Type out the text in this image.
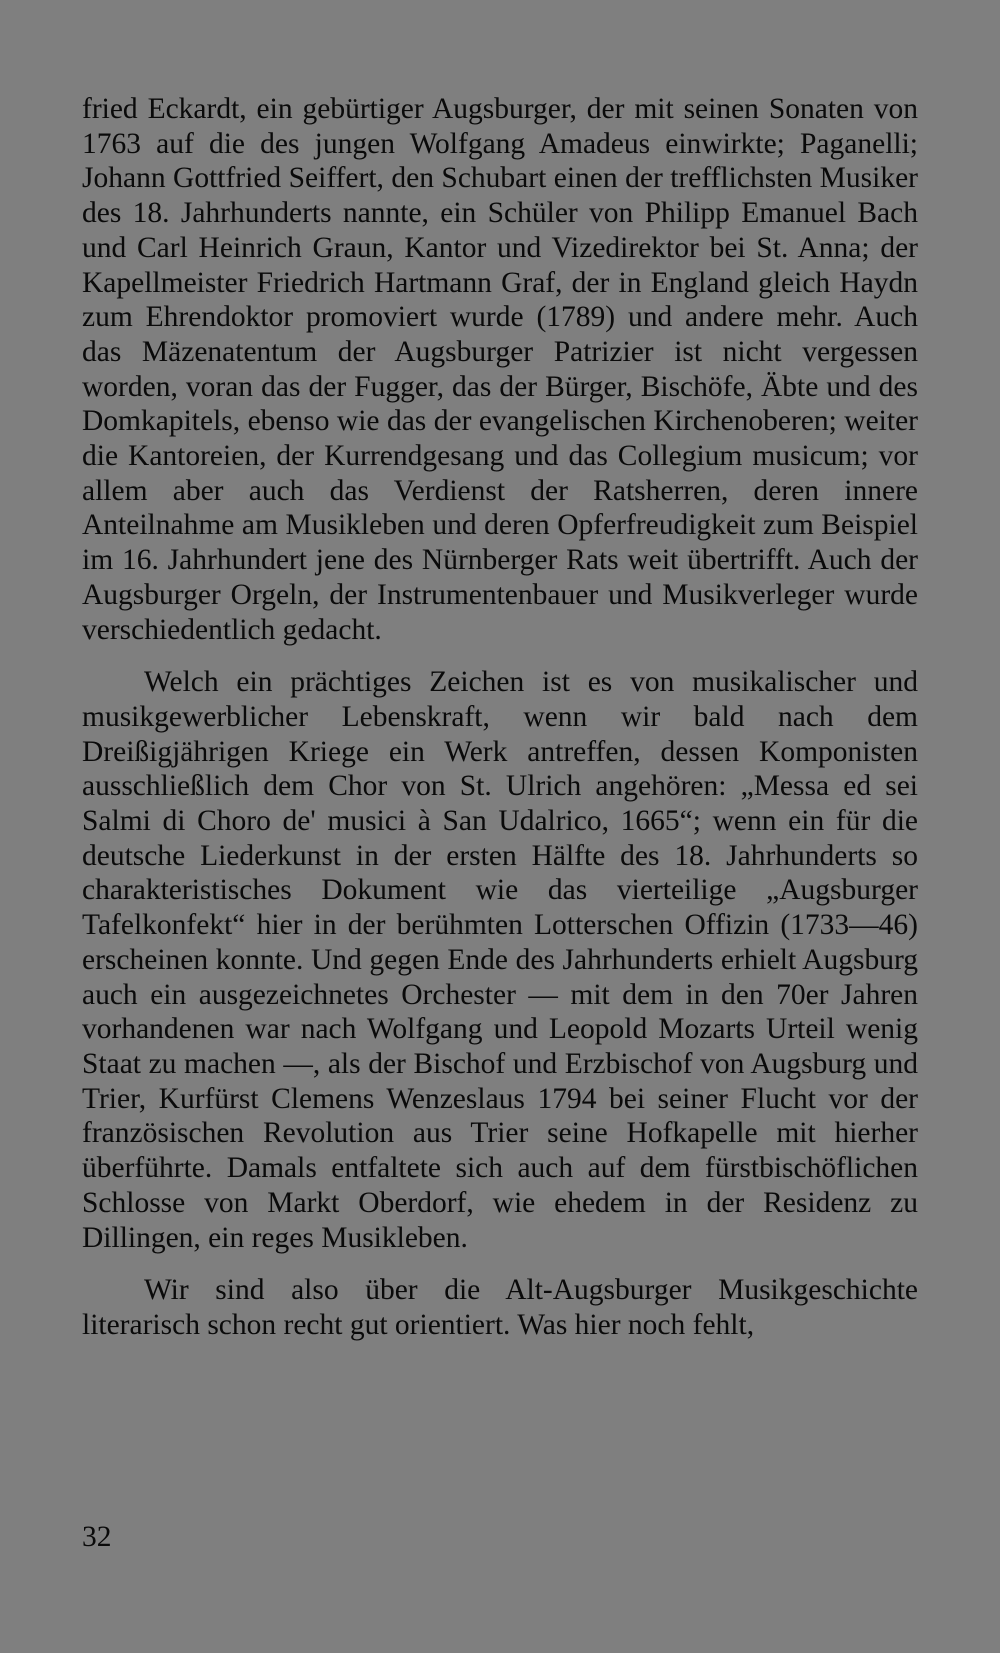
fried Eckardt, ein gebürtiger Augsburger, der mit seinen Sonaten von 1763 auf die des jungen Wolfgang Amadeus einwirkte; Paganelli; Johann Gottfried Seiffert, den Schubart einen der trefflichsten Musiker des 18. Jahrhunderts nannte, ein Schüler von Philipp Emanuel Bach und Carl Heinrich Graun, Kantor und Vizedirektor bei St. Anna; der Kapellmeister Friedrich Hartmann Graf, der in England gleich Haydn zum Ehrendoktor promoviert wurde (1789) und andere mehr. Auch das Mäzenatentum der Augsburger Patrizier ist nicht vergessen worden, voran das der Fugger, das der Bürger, Bischöfe, Äbte und des Domkapitels, ebenso wie das der evangelischen Kirchenoberen; weiter die Kantoreien, der Kurrendgesang und das Collegium musicum; vor allem aber auch das Verdienst der Ratsherren, deren innere Anteilnahme am Musikleben und deren Opferfreudigkeit zum Beispiel im 16. Jahrhundert jene des Nürnberger Rats weit übertrifft. Auch der Augsburger Orgeln, der Instrumentenbauer und Musikverleger wurde verschiedentlich gedacht.

Welch ein prächtiges Zeichen ist es von musikalischer und musikgewerblicher Lebenskraft, wenn wir bald nach dem Dreißigjährigen Kriege ein Werk antreffen, dessen Komponisten ausschließlich dem Chor von St. Ulrich angehören: „Messa ed sei Salmi di Choro de' musici à San Udalrico, 1665“; wenn ein für die deutsche Liederkunst in der ersten Hälfte des 18. Jahrhunderts so charakteristisches Dokument wie das vierteilige „Augsburger Tafelkonfekt“ hier in der berühmten Lotterschen Offizin (1733—46) erscheinen konnte. Und gegen Ende des Jahrhunderts erhielt Augsburg auch ein ausgezeichnetes Orchester — mit dem in den 70er Jahren vorhandenen war nach Wolfgang und Leopold Mozarts Urteil wenig Staat zu machen —, als der Bischof und Erzbischof von Augsburg und Trier, Kurfürst Clemens Wenzeslaus 1794 bei seiner Flucht vor der französischen Revolution aus Trier seine Hofkapelle mit hierher überführte. Damals entfaltete sich auch auf dem fürstbischöflichen Schlosse von Markt Oberdorf, wie ehedem in der Residenz zu Dillingen, ein reges Musikleben.

Wir sind also über die Alt-Augsburger Musikgeschichte literarisch schon recht gut orientiert. Was hier noch fehlt,

32
